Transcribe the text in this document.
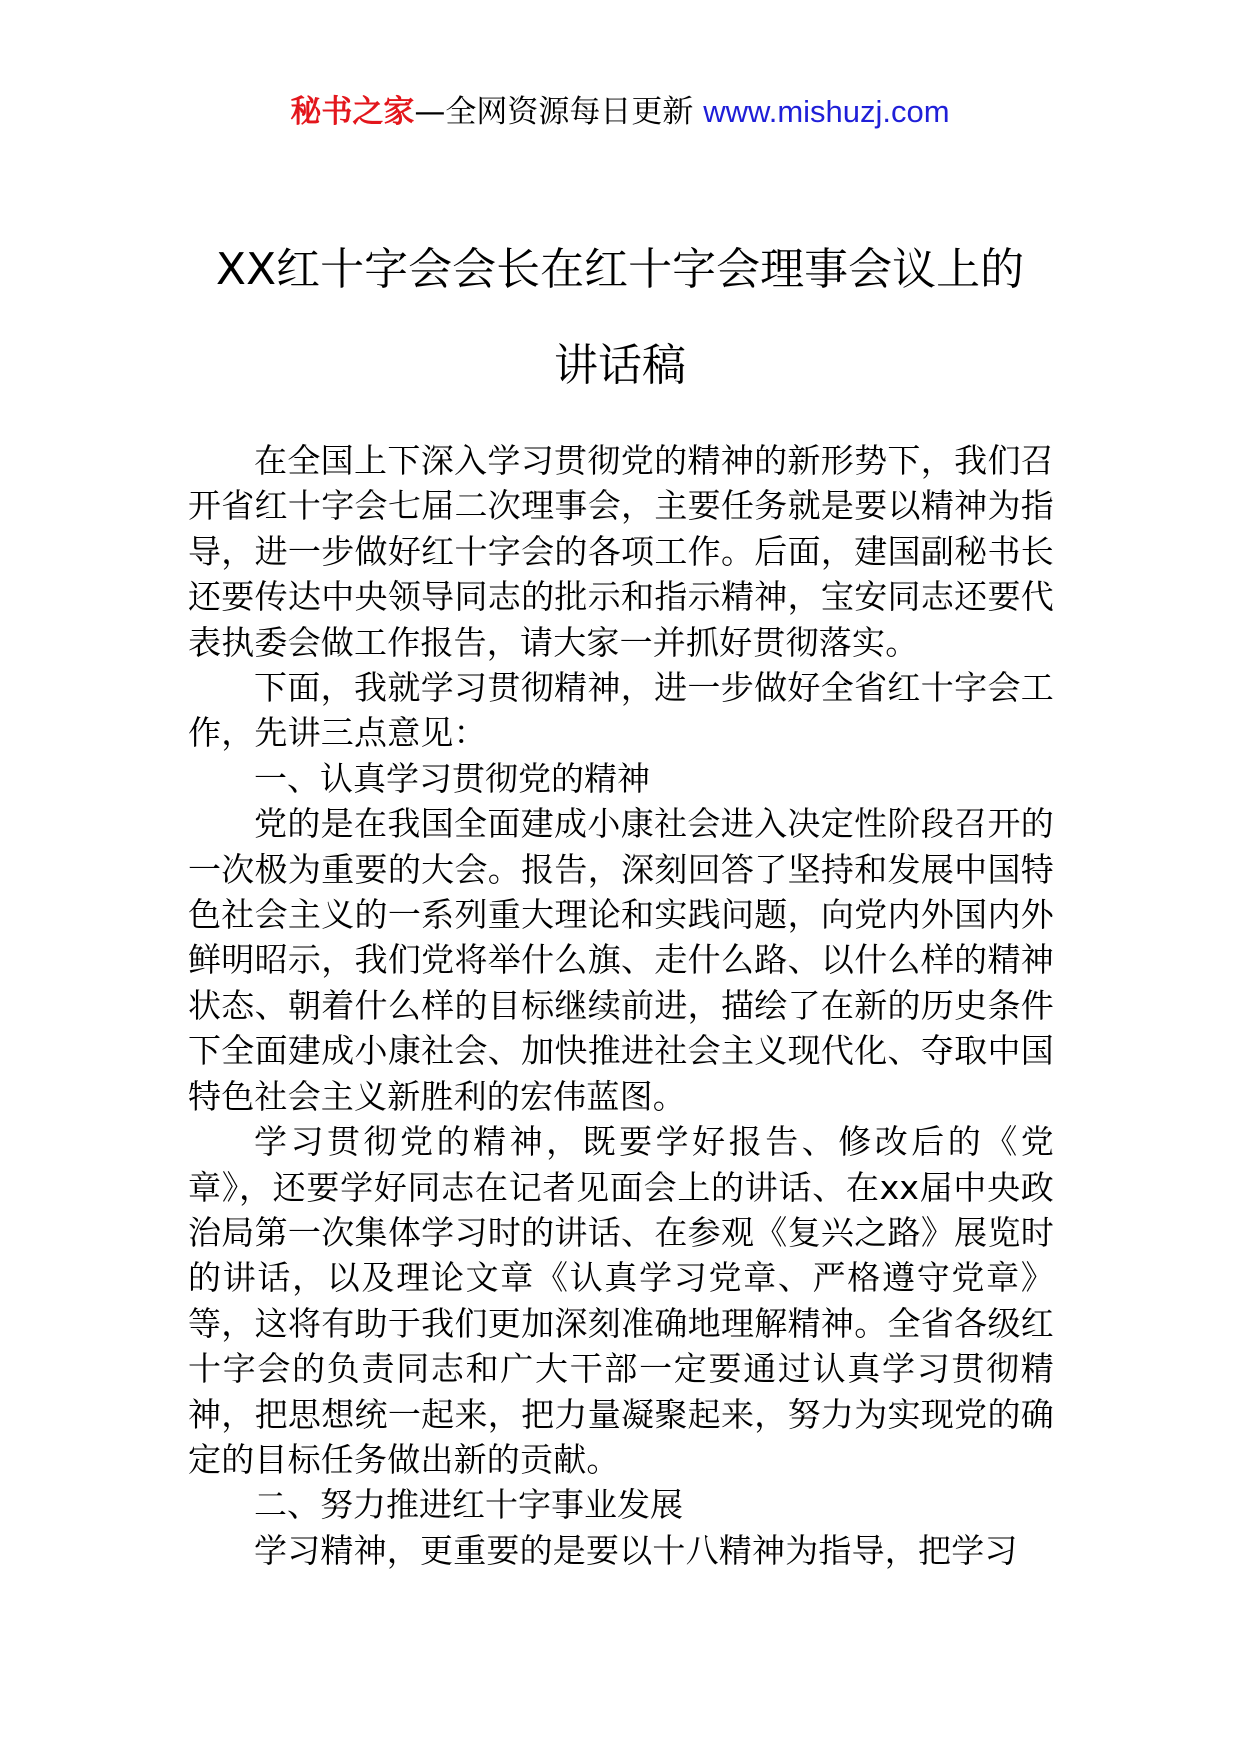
秘书之家—全网资源每日更新 www.mishuzj.com
XX红十字会会长在红十字会理事会议上的
讲话稿

在全国上下深入学习贯彻党的精神的新形势下，我们召开省红十字会七届二次理事会，主要任务就是要以精神为指导，进一步做好红十字会的各项工作。后面，建国副秘书长还要传达中央领导同志的批示和指示精神，宝安同志还要代表执委会做工作报告，请大家一并抓好贯彻落实。

下面，我就学习贯彻精神，进一步做好全省红十字会工作，先讲三点意见：

一、认真学习贯彻党的精神

党的是在我国全面建成小康社会进入决定性阶段召开的一次极为重要的大会。报告，深刻回答了坚持和发展中国特色社会主义的一系列重大理论和实践问题，向党内外国内外鲜明昭示，我们党将举什么旗、走什么路、以什么样的精神状态、朝着什么样的目标继续前进，描绘了在新的历史条件下全面建成小康社会、加快推进社会主义现代化、夺取中国特色社会主义新胜利的宏伟蓝图。

学习贯彻党的精神，既要学好报告、修改后的《党章》，还要学好同志在记者见面会上的讲话、在xx届中央政治局第一次集体学习时的讲话、在参观《复兴之路》展览时的讲话，以及理论文章《认真学习党章、严格遵守党章》等，这将有助于我们更加深刻准确地理解精神。全省各级红十字会的负责同志和广大干部一定要通过认真学习贯彻精神，把思想统一起来，把力量凝聚起来，努力为实现党的确定的目标任务做出新的贡献。

二、努力推进红十字事业发展

学习精神，更重要的是要以十八精神为指导，把学习
